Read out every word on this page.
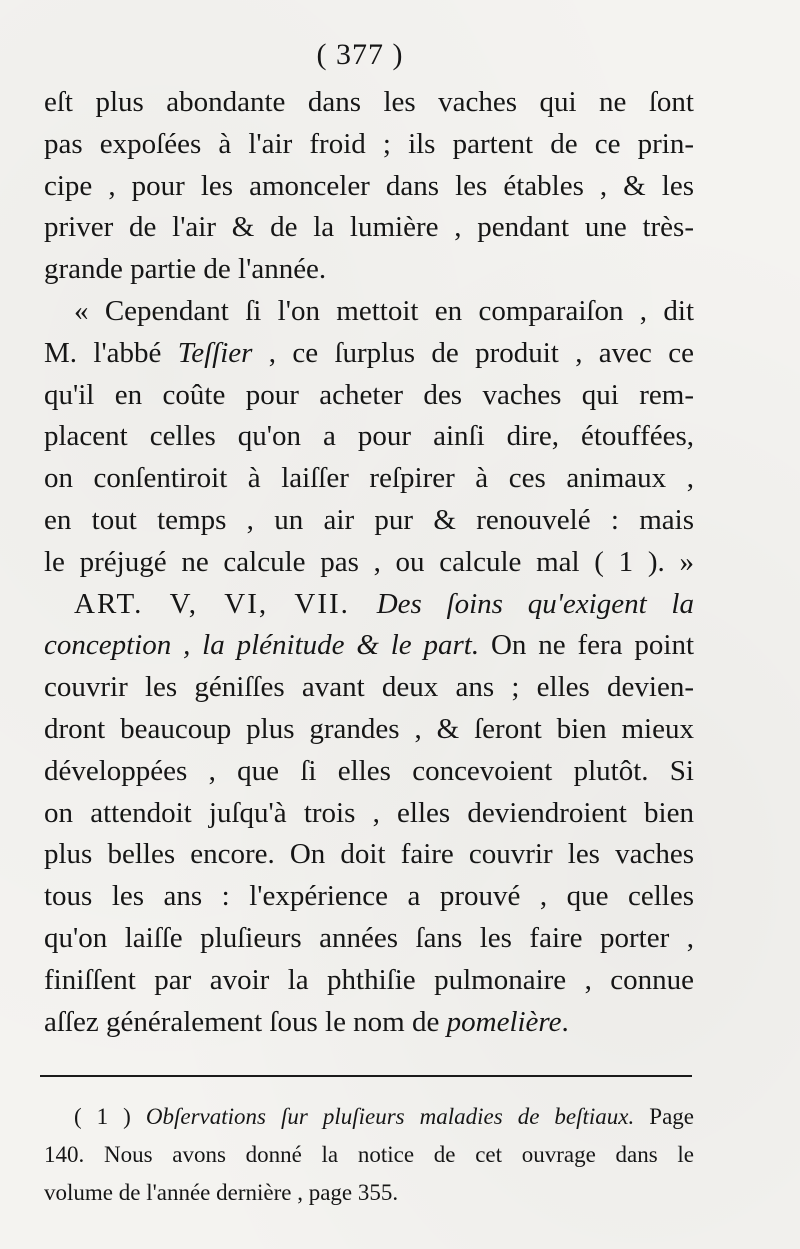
( 377 )
eſt plus abondante dans les vaches qui ne ſont
pas expoſées à l'air froid ; ils partent de ce prin-
cipe , pour les amonceler dans les étables , & les
priver de l'air & de la lumière , pendant une très-
grande partie de l'année.
« Cependant ſi l'on mettoit en comparaiſon , dit
M. l'abbé Teſſier , ce ſurplus de produit , avec ce
qu'il en coûte pour acheter des vaches qui rem-
placent celles qu'on a pour ainſi dire, étouffées,
on conſentiroit à laiſſer reſpirer à ces animaux ,
en tout temps , un air pur & renouvelé : mais
le préjugé ne calcule pas , ou calcule mal ( 1 ). »
ART. V, VI, VII. Des ſoins qu'exigent la
conception , la plénitude & le part. On ne fera point
couvrir les géniſſes avant deux ans ; elles devien-
dront beaucoup plus grandes , & ſeront bien mieux
développées , que ſi elles concevoient plutôt. Si
on attendoit juſqu'à trois , elles deviendroient bien
plus belles encore. On doit faire couvrir les vaches
tous les ans : l'expérience a prouvé , que celles
qu'on laiſſe pluſieurs années ſans les faire porter ,
finiſſent par avoir la phthiſie pulmonaire , connue
aſſez généralement ſous le nom de pomelière.
( 1 ) Obſervations ſur pluſieurs maladies de beſtiaux. Page
140. Nous avons donné la notice de cet ouvrage dans le
volume de l'année dernière , page 355.
